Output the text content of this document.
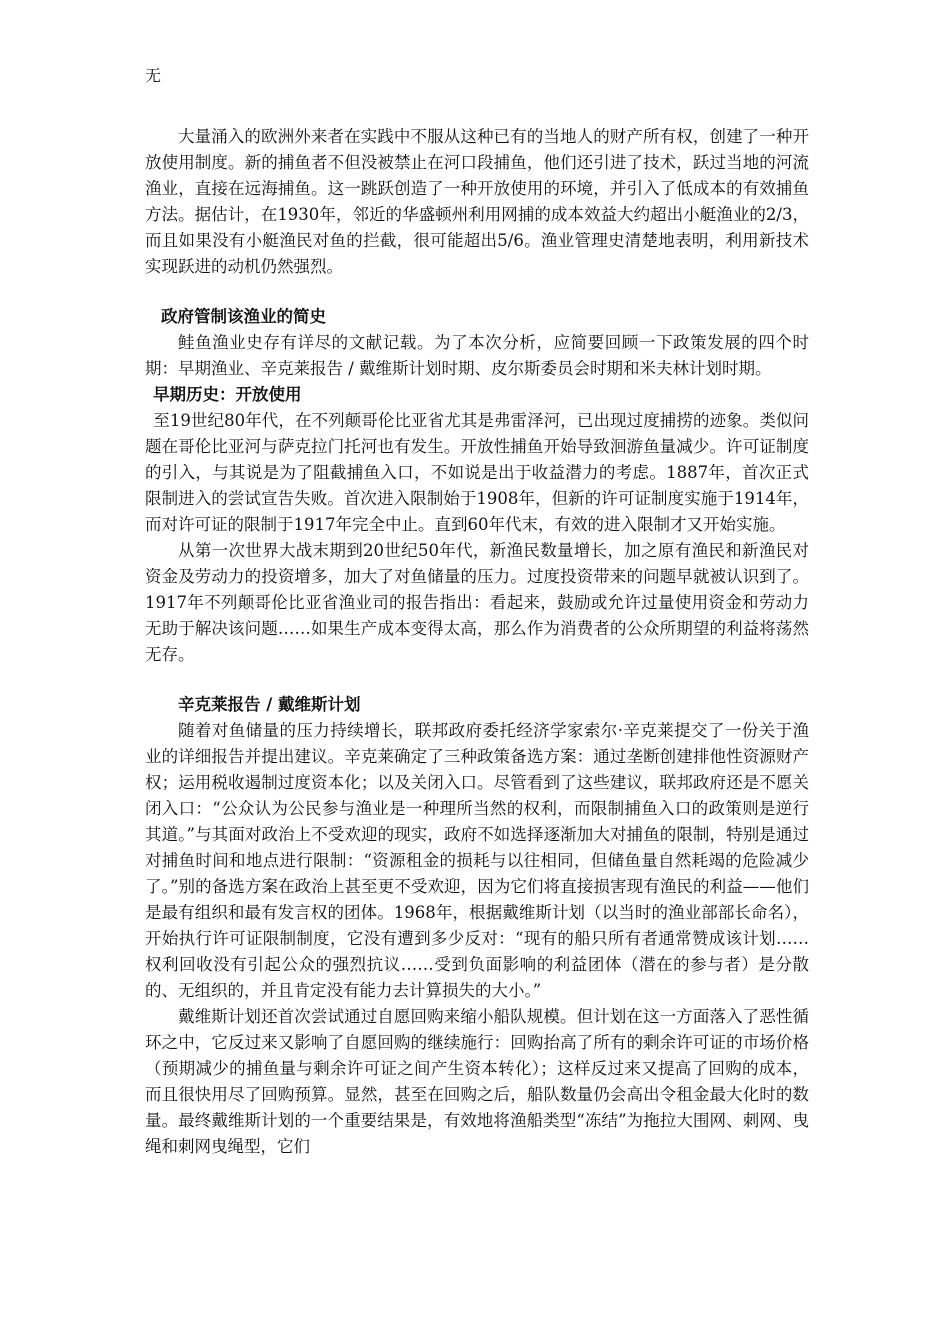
无

大量涌入的欧洲外来者在实践中不服从这种已有的当地人的财产所有权，创建了一种开放使用制度。新的捕鱼者不但没被禁止在河口段捕鱼，他们还引进了技术，跃过当地的河流渔业，直接在远海捕鱼。这一跳跃创造了一种开放使用的环境，并引入了低成本的有效捕鱼方法。据估计，在1930年，邻近的华盛顿州利用网捕的成本效益大约超出小艇渔业的2/3，而且如果没有小艇渔民对鱼的拦截，很可能超出5/6。渔业管理史清楚地表明，利用新技术实现跃进的动机仍然强烈。

政府管制该渔业的简史

鲑鱼渔业史存有详尽的文献记载。为了本次分析，应简要回顾一下政策发展的四个时期：早期渔业、辛克莱报告 / 戴维斯计划时期、皮尔斯委员会时期和米夫林计划时期。

早期历史：开放使用

至19世纪80年代，在不列颠哥伦比亚省尤其是弗雷泽河，已出现过度捕捞的迹象。类似问题在哥伦比亚河与萨克拉门托河也有发生。开放性捕鱼开始导致洄游鱼量减少。许可证制度的引入，与其说是为了阻截捕鱼入口，不如说是出于收益潜力的考虑。1887年，首次正式限制进入的尝试宣告失败。首次进入限制始于1908年，但新的许可证制度实施于1914年，而对许可证的限制于1917年完全中止。直到60年代末，有效的进入限制才又开始实施。

从第一次世界大战末期到20世纪50年代，新渔民数量增长，加之原有渔民和新渔民对资金及劳动力的投资增多，加大了对鱼储量的压力。过度投资带来的问题早就被认识到了。1917年不列颠哥伦比亚省渔业司的报告指出：看起来，鼓励或允许过量使用资金和劳动力无助于解决该问题……如果生产成本变得太高，那么作为消费者的公众所期望的利益将荡然无存。

辛克莱报告 / 戴维斯计划

随着对鱼储量的压力持续增长，联邦政府委托经济学家索尔·辛克莱提交了一份关于渔业的详细报告并提出建议。辛克莱确定了三种政策备选方案：通过垄断创建排他性资源财产权；运用税收遏制过度资本化；以及关闭入口。尽管看到了这些建议，联邦政府还是不愿关闭入口：“公众认为公民参与渔业是一种理所当然的权利，而限制捕鱼入口的政策则是逆行其道。”与其面对政治上不受欢迎的现实，政府不如选择逐渐加大对捕鱼的限制，特别是通过对捕鱼时间和地点进行限制：“资源租金的损耗与以往相同，但储鱼量自然耗竭的危险减少了。”别的备选方案在政治上甚至更不受欢迎，因为它们将直接损害现有渔民的利益——他们是最有组织和最有发言权的团体。1968年，根据戴维斯计划（以当时的渔业部部长命名），开始执行许可证限制制度，它没有遭到多少反对：“现有的船只所有者通常赞成该计划……权利回收没有引起公众的强烈抗议……受到负面影响的利益团体（潜在的参与者）是分散的、无组织的，并且肯定没有能力去计算损失的大小。”

戴维斯计划还首次尝试通过自愿回购来缩小船队规模。但计划在这一方面落入了恶性循环之中，它反过来又影响了自愿回购的继续施行：回购抬高了所有的剩余许可证的市场价格（预期减少的捕鱼量与剩余许可证之间产生资本转化）；这样反过来又提高了回购的成本，而且很快用尽了回购预算。显然，甚至在回购之后，船队数量仍会高出令租金最大化时的数量。最终戴维斯计划的一个重要结果是，有效地将渔船类型“冻结”为拖拉大围网、刺网、曳绳和刺网曳绳型，它们
